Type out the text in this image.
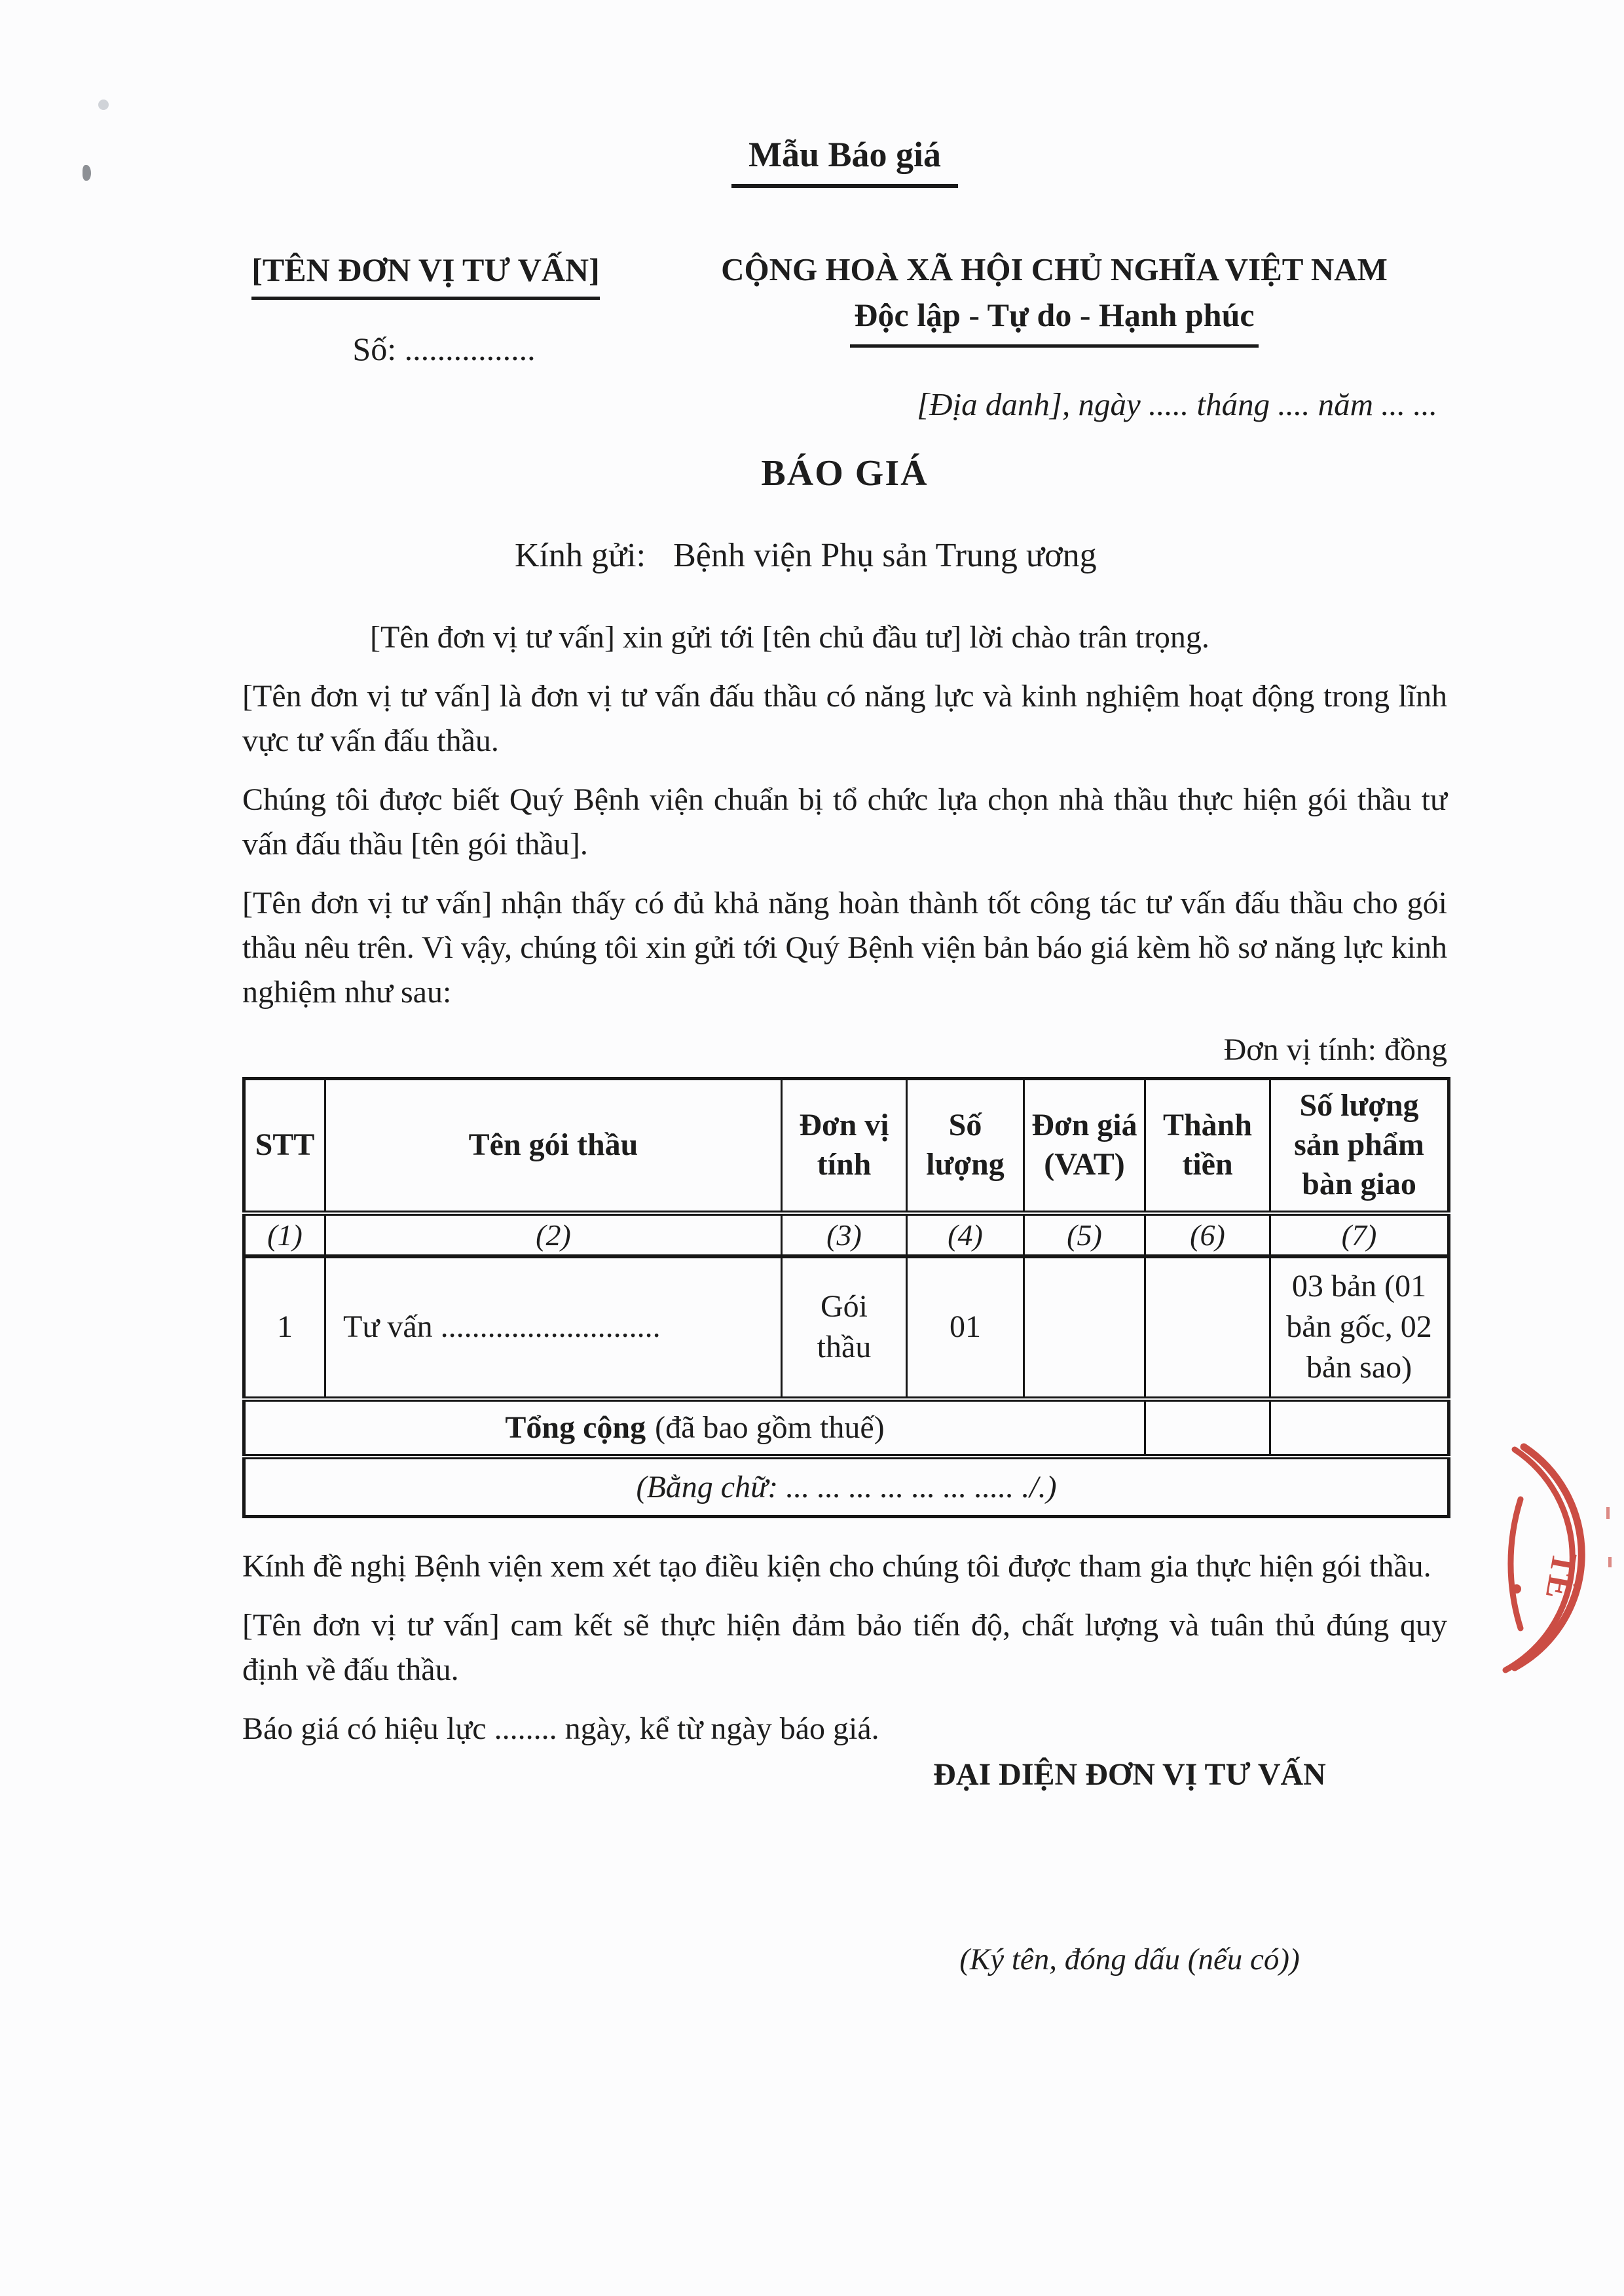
Mẫu Báo giá
[TÊN ĐƠN VỊ TƯ VẤN]
Số: ................
CỘNG HOÀ XÃ HỘI CHỦ NGHĨA VIỆT NAM
Độc lập - Tự do - Hạnh phúc
[Địa danh], ngày ..... tháng .... năm ... ...
BÁO GIÁ
Kính gửi: Bệnh viện Phụ sản Trung ương

[Tên đơn vị tư vấn] xin gửi tới [tên chủ đầu tư] lời chào trân trọng.

[Tên đơn vị tư vấn] là đơn vị tư vấn đấu thầu có năng lực và kinh nghiệm hoạt động trong lĩnh vực tư vấn đấu thầu.

Chúng tôi được biết Quý Bệnh viện chuẩn bị tổ chức lựa chọn nhà thầu thực hiện gói thầu tư vấn đấu thầu [tên gói thầu].

[Tên đơn vị tư vấn] nhận thấy có đủ khả năng hoàn thành tốt công tác tư vấn đấu thầu cho gói thầu nêu trên. Vì vậy, chúng tôi xin gửi tới Quý Bệnh viện bản báo giá kèm hồ sơ năng lực kinh nghiệm như sau:

Đơn vị tính: đồng
STT	Tên gói thầu	Đơn vị tính	Số lượng	Đơn giá (VAT)	Thành tiền	Số lượng sản phẩm bàn giao
(1)	(2)	(3)	(4)	(5)	(6)	(7)
1	Tư vấn ............................	Gói thầu	01			03 bản (01 bản gốc, 02 bản sao)
Tổng cộng (đã bao gồm thuế)						
(Bằng chữ: ... ... ... ... ... ... ..... ./.)						

Kính đề nghị Bệnh viện xem xét tạo điều kiện cho chúng tôi được tham gia thực hiện gói thầu.

[Tên đơn vị tư vấn] cam kết sẽ thực hiện đảm bảo tiến độ, chất lượng và tuân thủ đúng quy định về đấu thầu.

Báo giá có hiệu lực ........ ngày, kể từ ngày báo giá.

ĐẠI DIỆN ĐƠN VỊ TƯ VẤN
(Ký tên, đóng dấu (nếu có))
TẾ
